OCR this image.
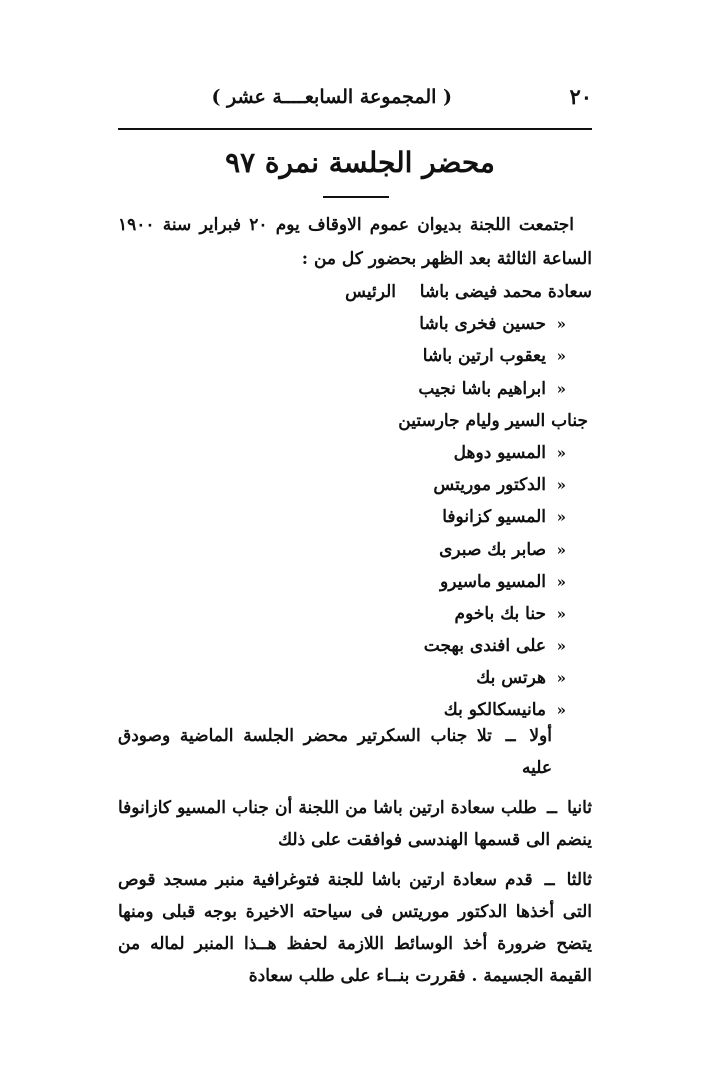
٢٠
( المجموعة السابعــــة عشر )
محضر الجلسة نمرة ٩٧

اجتمعت اللجنة بديوان عموم الاوقاف يوم ٢٠ فبراير سنة ١٩٠٠ الساعة الثالثة بعد الظهر بحضور كل من :

سعادة محمد فيضى باشا
الرئيس
«
حسين فخرى باشا
«
يعقوب ارتين باشا
«
ابراهيم باشا نجيب
جناب السير وليام جارستين
«
المسيو دوهل
«
الدكتور موريتس
«
المسيو كزانوفا
«
صابر بك صبرى
«
المسيو ماسيرو
«
حنا بك باخوم
«
على افندى بهجت
«
هرتس بك
«
مانيسكالكو بك

أولا ــ تلا جناب السكرتير محضر الجلسة الماضية وصودق عليه

ثانيا ــ طلب سعادة ارتين باشا من اللجنة أن جناب المسيو كازانوفا ينضم الى قسمها الهندسى فوافقت على ذلك

ثالثا ــ قدم سعادة ارتين باشا للجنة فتوغرافية منبر مسجد قوص التى أخذها الدكتور موريتس فى سياحته الاخيرة بوجه قبلى ومنها يتضح ضرورة أخذ الوسائط اللازمة لحفظ هــذا المنبر لماله من القيمة الجسيمة . فقررت بنــاء على طلب سعادة
